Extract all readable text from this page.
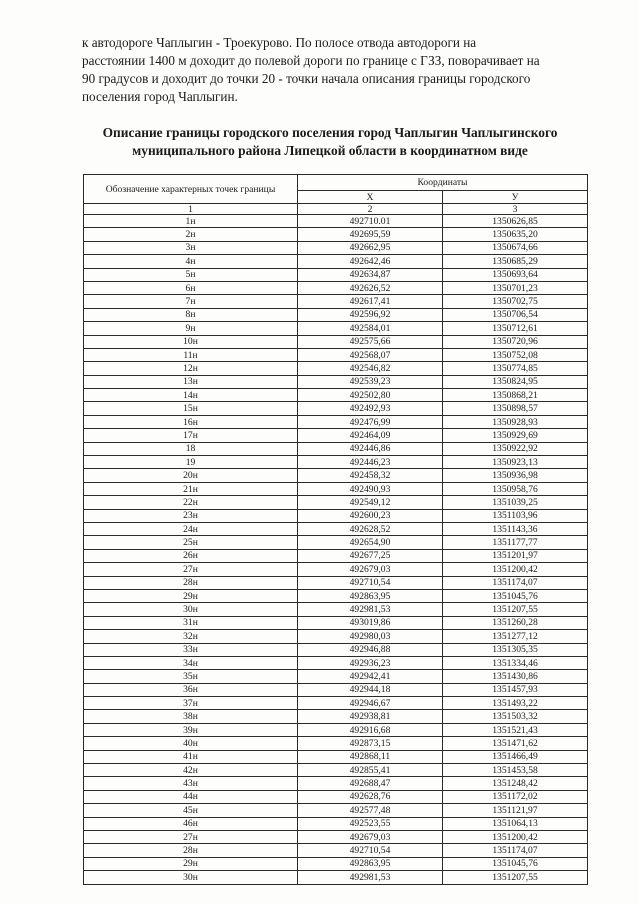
к автодороге Чаплыгин - Троекурово. По полосе отвода автодороги на
расстоянии 1400 м доходит до полевой дороги по границе с ГЗЗ, поворачивает на
90 градусов и доходит до точки 20 - точки начала описания границы городского
поселения город Чаплыгин.
Описание границы городского поселения город Чаплыгин Чаплыгинского
муниципального района Липецкой области в координатном виде
Обозначение характерных точек границы	Координаты	
	X	У
1	2	3
1н	492710.01	1350626,85
2н	492695,59	1350635,20
3н	492662,95	1350674,66
4н	492642,46	1350685,29
5н	492634,87	1350693,64
6н	492626,52	1350701,23
7н	492617,41	1350702,75
8н	492596,92	1350706,54
9н	492584,01	1350712,61
10н	492575,66	1350720,96
11н	492568,07	1350752,08
12н	492546,82	1350774,85
13н	492539,23	1350824,95
14н	492502,80	1350868,21
15н	492492,93	1350898,57
16н	492476,99	1350928,93
17н	492464,09	1350929,69
18	492446,86	1350922,92
19	492446,23	1350923,13
20н	492458,32	1350936,98
21н	492490,93	1350958,76
22н	492549,12	1351039,25
23н	492600,23	1351103,96
24н	492628,52	1351143,36
25н	492654,90	1351177,77
26н	492677,25	1351201,97
27н	492679,03	1351200,42
28н	492710,54	1351174,07
29н	492863,95	1351045,76
30н	492981,53	1351207,55
31н	493019,86	1351260,28
32н	492980,03	1351277,12
33н	492946,88	1351305,35
34н	492936,23	1351334,46
35н	492942,41	1351430,86
36н	492944,18	1351457,93
37н	492946,67	1351493,22
38н	492938,81	1351503,32
39н	492916,68	1351521,43
40н	492873,15	1351471,62
41н	492868,11	1351466,49
42н	492855,41	1351453,58
43н	492688,47	1351248,42
44н	492628,76	1351172,02
45н	492577,48	1351121,97
46н	492523,55	1351064,13
27н	492679,03	1351200,42
28н	492710,54	1351174,07
29н	492863,95	1351045,76
30н	492981,53	1351207,55
